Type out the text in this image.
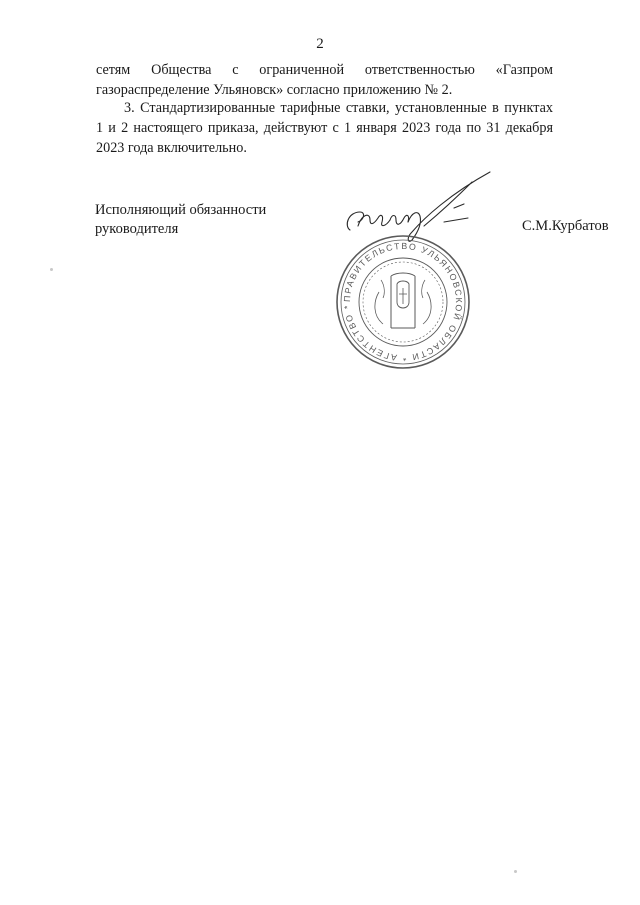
2
сетям Общества с ограниченной ответственностью «Газпром
газораспределение Ульяновск» согласно приложению № 2.
3. Стандартизированные тарифные ставки, установленные в пунктах
1 и 2 настоящего приказа, действуют с 1 января 2023 года по 31 декабря
2023 года включительно.
Исполняющий обязанности
руководителя	С.М.Курбатов
ПРАВИТЕЛЬСТВО УЛЬЯНОВСКОЙ ОБЛАСТИ * АГЕНТСТВО *
